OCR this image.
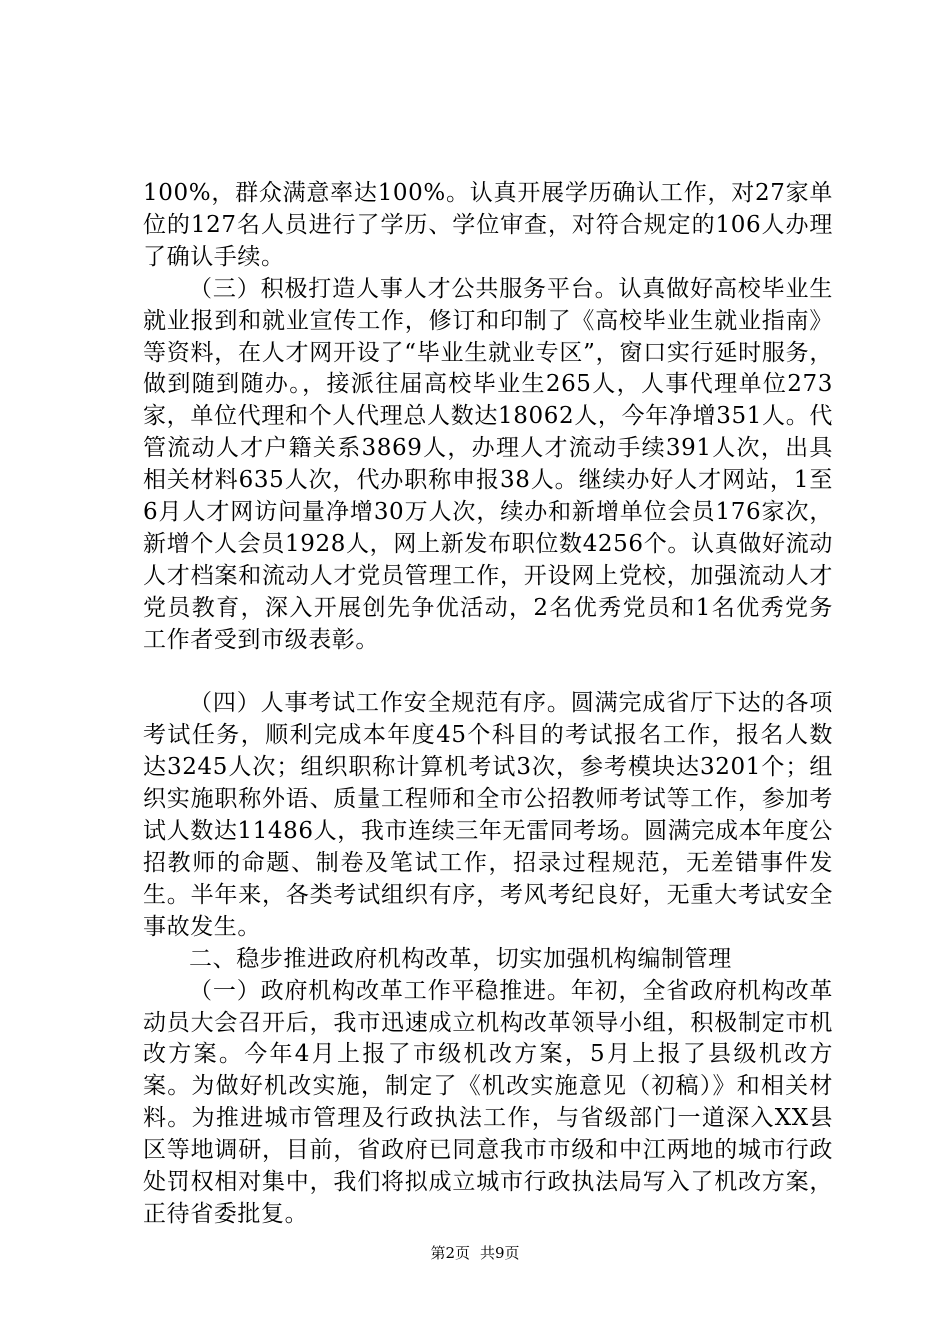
100%，群众满意率达100%。认真开展学历确认工作，对27家单位的127名人员进行了学历、学位审查，对符合规定的106人办理了确认手续。

（三）积极打造人事人才公共服务平台。认真做好高校毕业生就业报到和就业宣传工作，修订和印制了《高校毕业生就业指南》等资料，在人才网开设了“毕业生就业专区”，窗口实行延时服务，做到随到随办。，接派往届高校毕业生265人，人事代理单位273家，单位代理和个人代理总人数达18062人，今年净增351人。代管流动人才户籍关系3869人，办理人才流动手续391人次，出具相关材料635人次，代办职称申报38人。继续办好人才网站，1至6月人才网访问量净增30万人次，续办和新增单位会员176家次，新增个人会员1928人，网上新发布职位数4256个。认真做好流动人才档案和流动人才党员管理工作，开设网上党校，加强流动人才党员教育，深入开展创先争优活动，2名优秀党员和1名优秀党务工作者受到市级表彰。

（四）人事考试工作安全规范有序。圆满完成省厅下达的各项考试任务，顺利完成本年度45个科目的考试报名工作，报名人数达3245人次；组织职称计算机考试3次，参考模块达3201个；组织实施职称外语、质量工程师和全市公招教师考试等工作，参加考试人数达11486人，我市连续三年无雷同考场。圆满完成本年度公招教师的命题、制卷及笔试工作，招录过程规范，无差错事件发生。半年来，各类考试组织有序，考风考纪良好，无重大考试安全事故发生。

二、稳步推进政府机构改革，切实加强机构编制管理

（一）政府机构改革工作平稳推进。年初，全省政府机构改革动员大会召开后，我市迅速成立机构改革领导小组，积极制定市机改方案。今年4月上报了市级机改方案，5月上报了县级机改方案。为做好机改实施，制定了《机改实施意见（初稿）》和相关材料。为推进城市管理及行政执法工作，与省级部门一道深入XX县区等地调研，目前，省政府已同意我市市级和中江两地的城市行政处罚权相对集中，我们将拟成立城市行政执法局写入了机改方案，正待省委批复。

第2页 共9页
